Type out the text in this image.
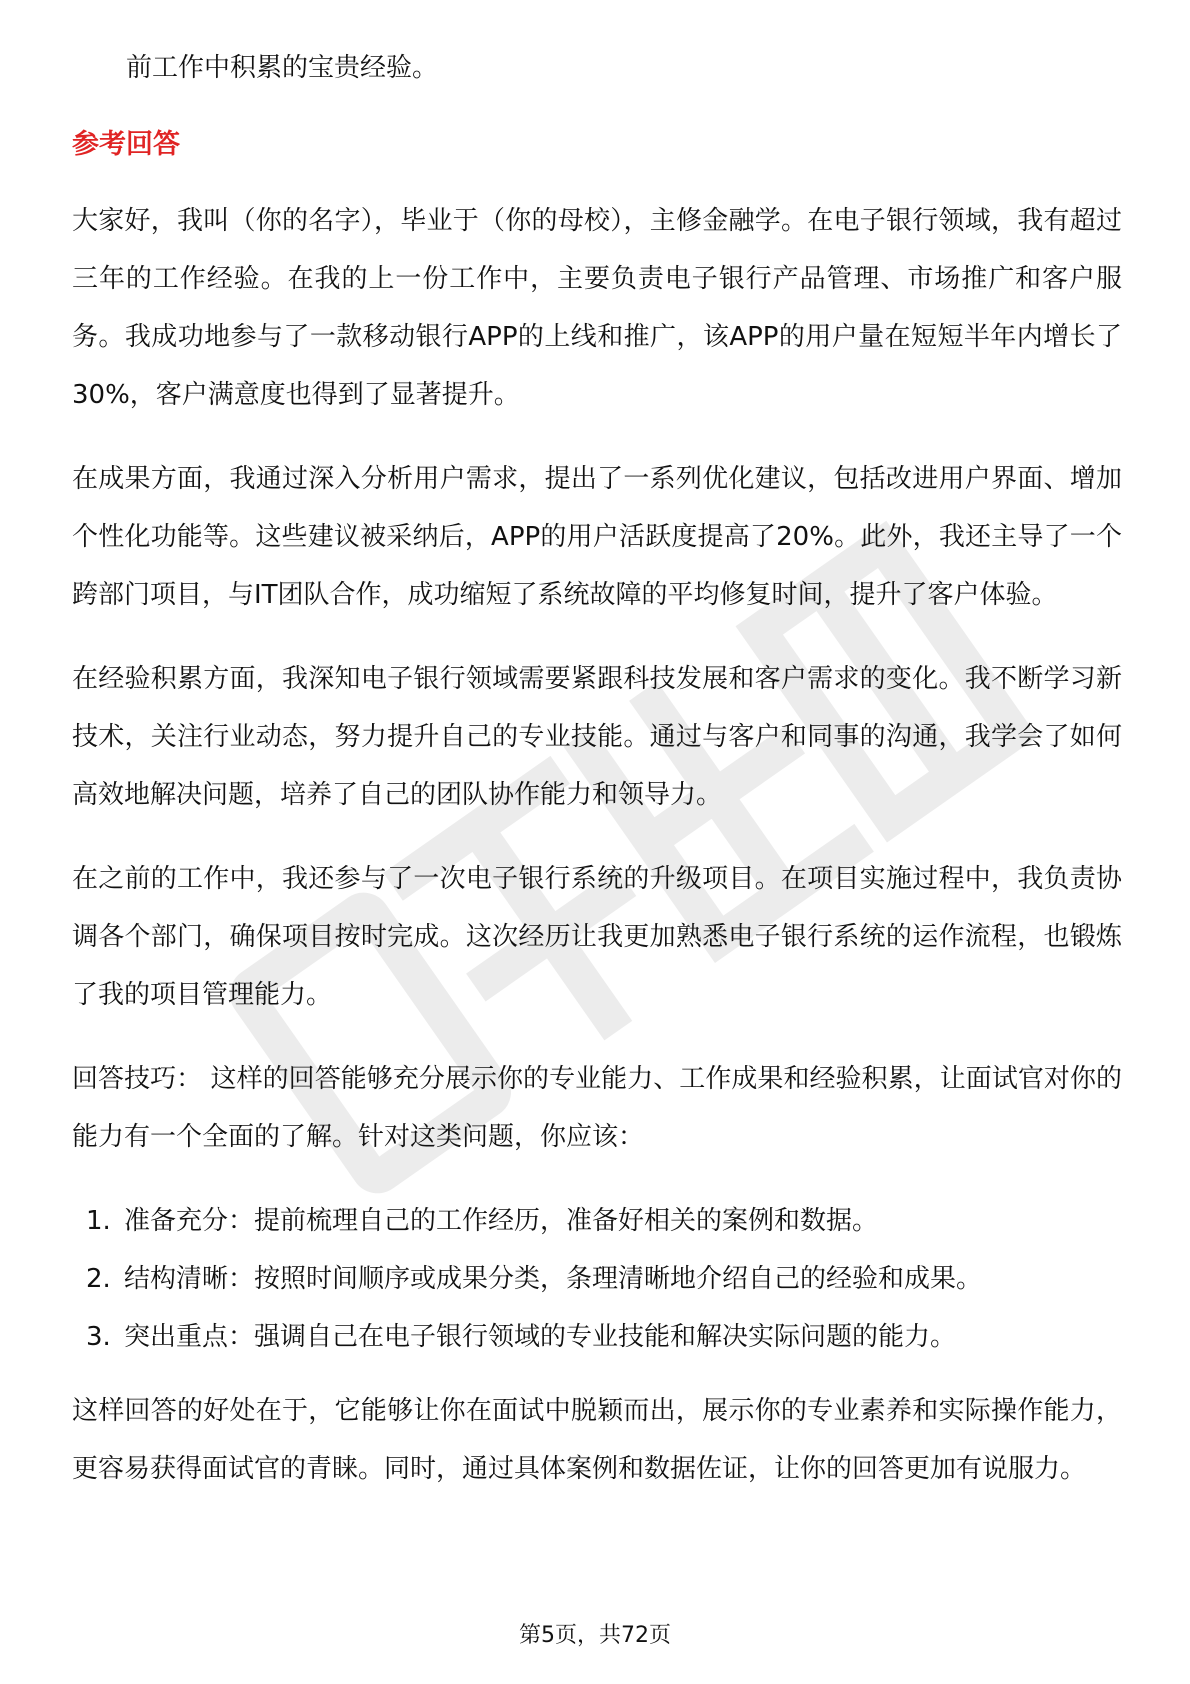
前工作中积累的宝贵经验。

参考回答

大家好，我叫（你的名字），毕业于（你的母校），主修金融学。在电子银行领域，我有超过三年的工作经验。在我的上一份工作中，主要负责电子银行产品管理、市场推广和客户服务。我成功地参与了一款移动银行APP的上线和推广，该APP的用户量在短短半年内增长了30%，客户满意度也得到了显著提升。

在成果方面，我通过深入分析用户需求，提出了一系列优化建议，包括改进用户界面、增加个性化功能等。这些建议被采纳后，APP的用户活跃度提高了20%。此外，我还主导了一个跨部门项目，与IT团队合作，成功缩短了系统故障的平均修复时间，提升了客户体验。

在经验积累方面，我深知电子银行领域需要紧跟科技发展和客户需求的变化。我不断学习新技术，关注行业动态，努力提升自己的专业技能。通过与客户和同事的沟通，我学会了如何高效地解决问题，培养了自己的团队协作能力和领导力。

在之前的工作中，我还参与了一次电子银行系统的升级项目。在项目实施过程中，我负责协调各个部门，确保项目按时完成。这次经历让我更加熟悉电子银行系统的运作流程，也锻炼了我的项目管理能力。

回答技巧： 这样的回答能够充分展示你的专业能力、工作成果和经验积累，让面试官对你的能力有一个全面的了解。针对这类问题，你应该：

1. 准备充分：提前梳理自己的工作经历，准备好相关的案例和数据。
2. 结构清晰：按照时间顺序或成果分类，条理清晰地介绍自己的经验和成果。
3. 突出重点：强调自己在电子银行领域的专业技能和解决实际问题的能力。

这样回答的好处在于，它能够让你在面试中脱颖而出，展示你的专业素养和实际操作能力，更容易获得面试官的青睐。同时，通过具体案例和数据佐证，让你的回答更加有说服力。

第5页，共72页
